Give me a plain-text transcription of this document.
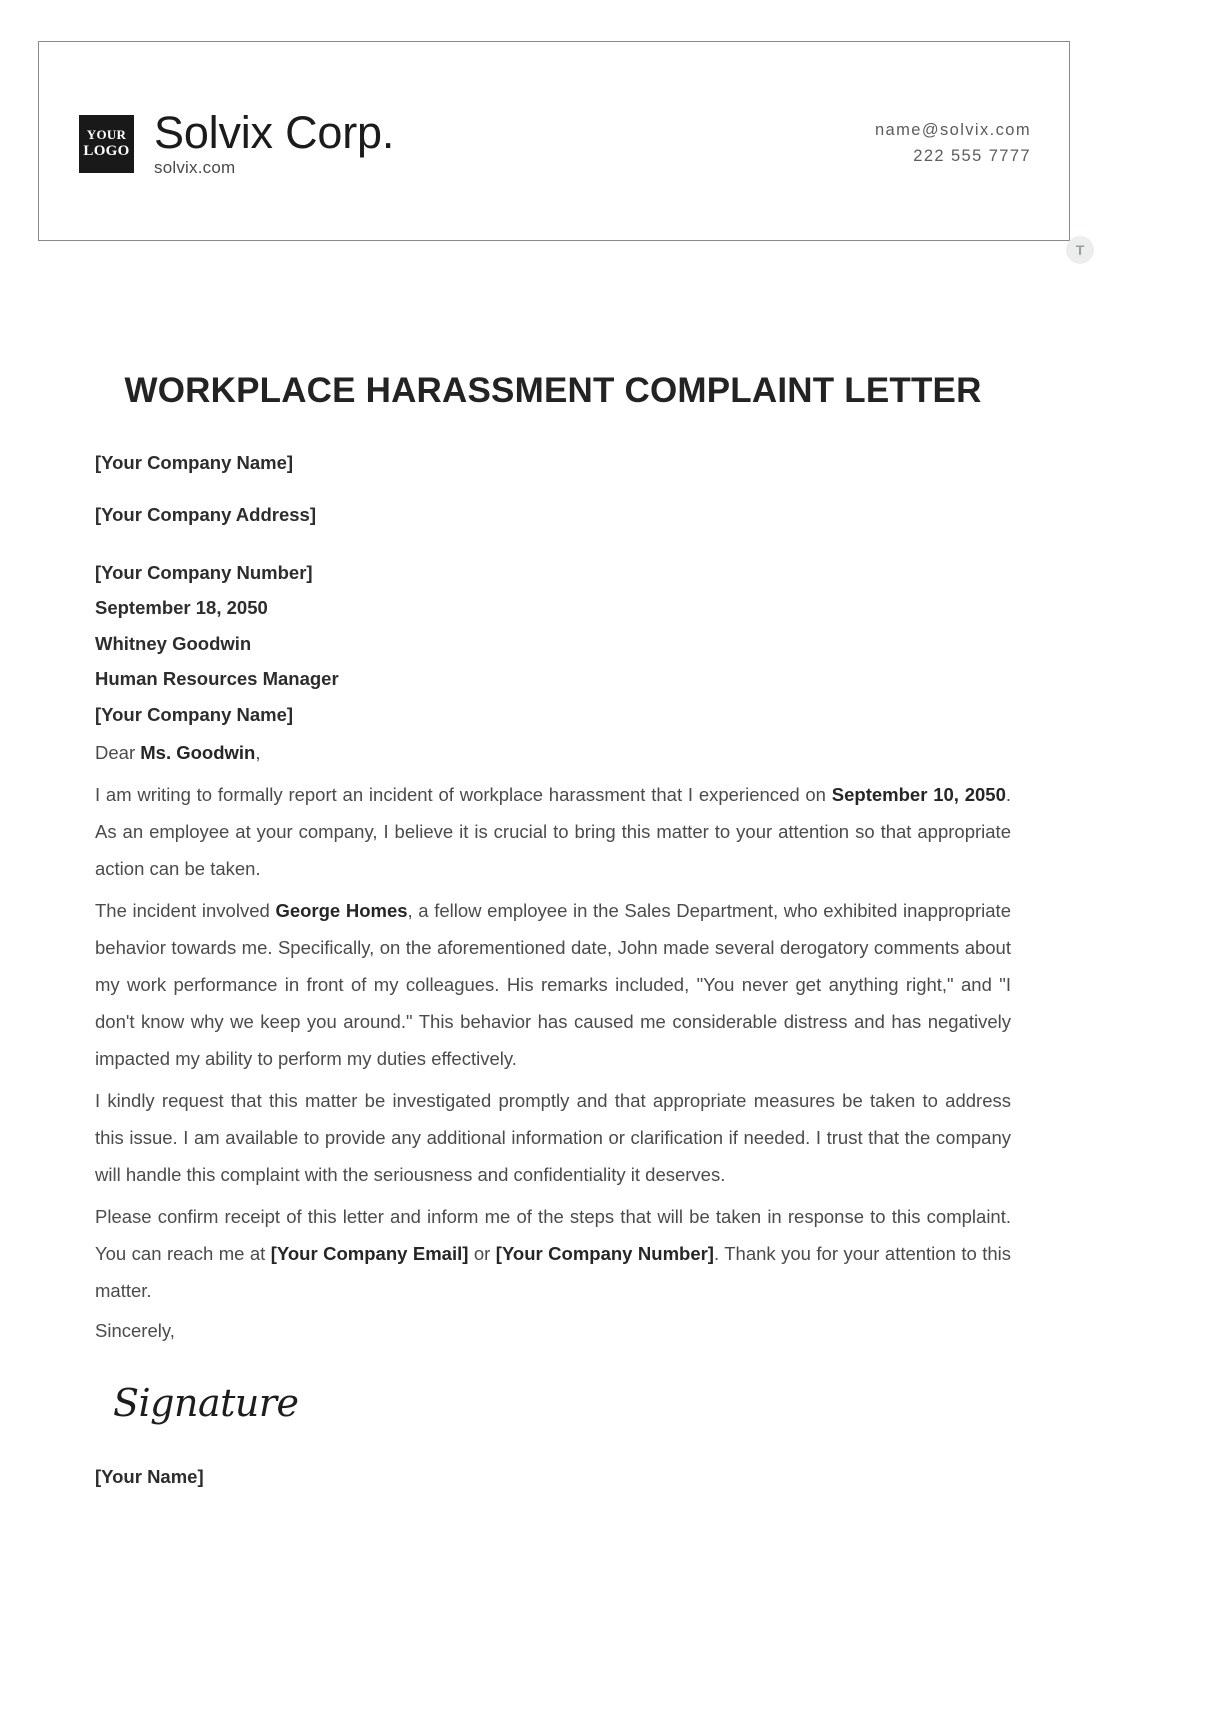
YOUR
LOGO Solvix Corp.
solvix.com
name@solvix.com
222 555 7777
T
WORKPLACE HARASSMENT COMPLAINT LETTER
[Your Company Name]
[Your Company Address]
[Your Company Number]
September 18, 2050
Whitney Goodwin
Human Resources Manager
[Your Company Name]
Dear Ms. Goodwin,

I am writing to formally report an incident of workplace harassment that I experienced on September 10, 2050. As an employee at your company, I believe it is crucial to bring this matter to your attention so that appropriate action can be taken.

The incident involved George Homes, a fellow employee in the Sales Department, who exhibited inappropriate behavior towards me. Specifically, on the aforementioned date, John made several derogatory comments about my work performance in front of my colleagues. His remarks included, "You never get anything right," and "I don't know why we keep you around." This behavior has caused me considerable distress and has negatively impacted my ability to perform my duties effectively.

I kindly request that this matter be investigated promptly and that appropriate measures be taken to address this issue. I am available to provide any additional information or clarification if needed. I trust that the company will handle this complaint with the seriousness and confidentiality it deserves.

Please confirm receipt of this letter and inform me of the steps that will be taken in response to this complaint. You can reach me at [Your Company Email] or [Your Company Number]. Thank you for your attention to this matter.

Sincerely,
Signature
[Your Name]
